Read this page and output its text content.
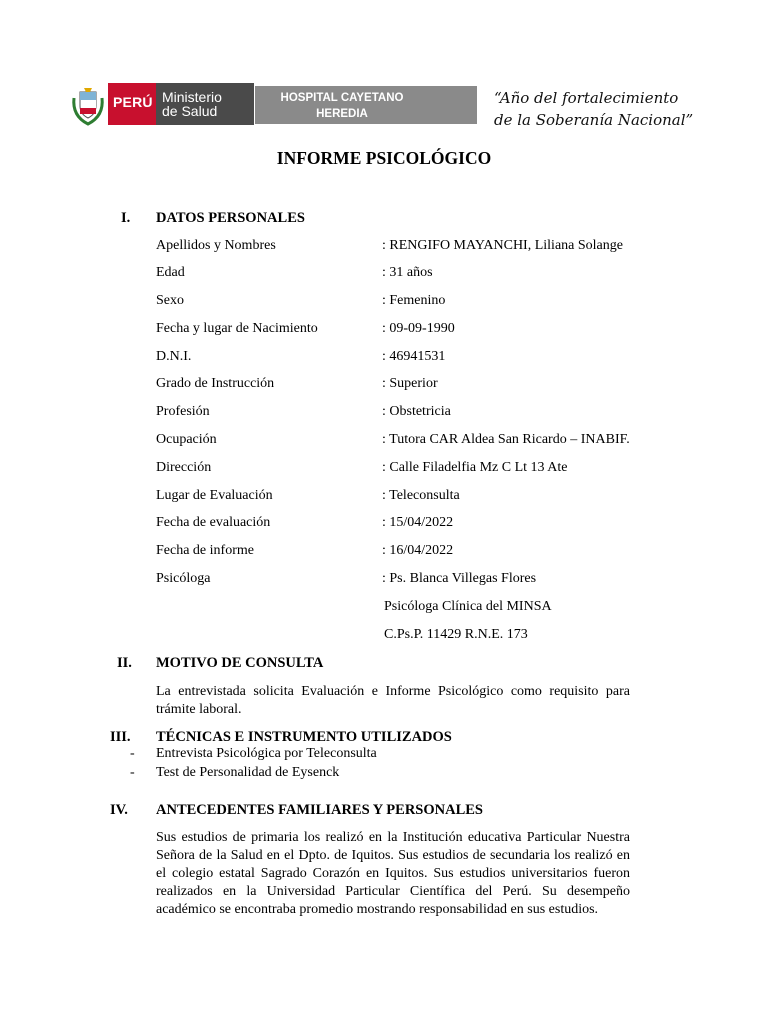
PERÚ Ministerio
de Salud
HOSPITAL CAYETANO
HEREDIA
“Año del fortalecimiento
de la Soberanía Nacional”
INFORME PSICOLÓGICO
I. DATOS PERSONALES
Apellidos y Nombres	: RENGIFO MAYANCHI, Liliana Solange
Edad	: 31 años
Sexo	: Femenino
Fecha y lugar de Nacimiento	: 09-09-1990
D.N.I.	: 46941531
Grado de Instrucción	: Superior
Profesión	: Obstetricia
Ocupación	: Tutora CAR Aldea San Ricardo – INABIF.
Dirección	: Calle Filadelfia Mz C Lt 13 Ate
Lugar de Evaluación	: Teleconsulta
Fecha de evaluación	: 15/04/2022
Fecha de informe	: 16/04/2022
Psicóloga	: Ps. Blanca Villegas Flores
Psicóloga Clínica del MINSA
C.Ps.P. 11429 R.N.E. 173
II. MOTIVO DE CONSULTA
La entrevistada solicita Evaluación e Informe Psicológico como requisito para trámite laboral.
III. TÉCNICAS E INSTRUMENTO UTILIZADOS
- Entrevista Psicológica por Teleconsulta
- Test de Personalidad de Eysenck
IV. ANTECEDENTES FAMILIARES Y PERSONALES
Sus estudios de primaria los realizó en la Institución educativa Particular Nuestra Señora de la Salud en el Dpto. de Iquitos. Sus estudios de secundaria los realizó en el colegio estatal Sagrado Corazón en Iquitos. Sus estudios universitarios fueron realizados en la Universidad Particular Científica del Perú. Su desempeño académico se encontraba promedio mostrando responsabilidad en sus estudios.
